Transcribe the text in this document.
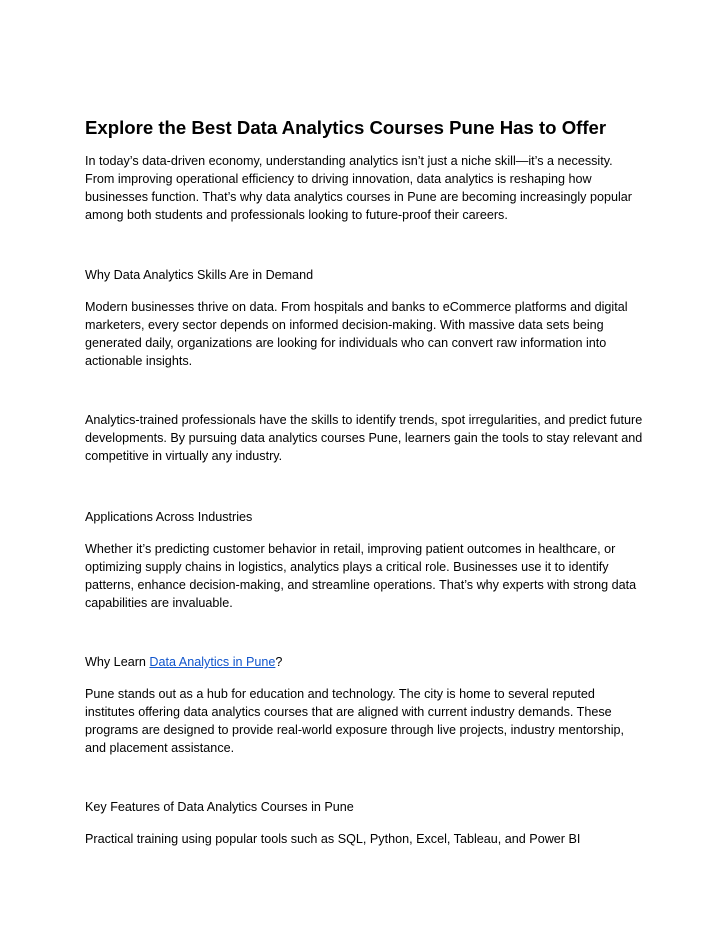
Explore the Best Data Analytics Courses Pune Has to Offer

In today’s data-driven economy, understanding analytics isn’t just a niche skill—it’s a necessity. From improving operational efficiency to driving innovation, data analytics is reshaping how businesses function. That’s why data analytics courses in Pune are becoming increasingly popular among both students and professionals looking to future-proof their careers.

Why Data Analytics Skills Are in Demand

Modern businesses thrive on data. From hospitals and banks to eCommerce platforms and digital marketers, every sector depends on informed decision-making. With massive data sets being generated daily, organizations are looking for individuals who can convert raw information into actionable insights.

Analytics-trained professionals have the skills to identify trends, spot irregularities, and predict future developments. By pursuing data analytics courses Pune, learners gain the tools to stay relevant and competitive in virtually any industry.

Applications Across Industries

Whether it’s predicting customer behavior in retail, improving patient outcomes in healthcare, or optimizing supply chains in logistics, analytics plays a critical role. Businesses use it to identify patterns, enhance decision-making, and streamline operations. That’s why experts with strong data capabilities are invaluable.

Why Learn Data Analytics in Pune?

Pune stands out as a hub for education and technology. The city is home to several reputed institutes offering data analytics courses that are aligned with current industry demands. These programs are designed to provide real-world exposure through live projects, industry mentorship, and placement assistance.

Key Features of Data Analytics Courses in Pune

Practical training using popular tools such as SQL, Python, Excel, Tableau, and Power BI
